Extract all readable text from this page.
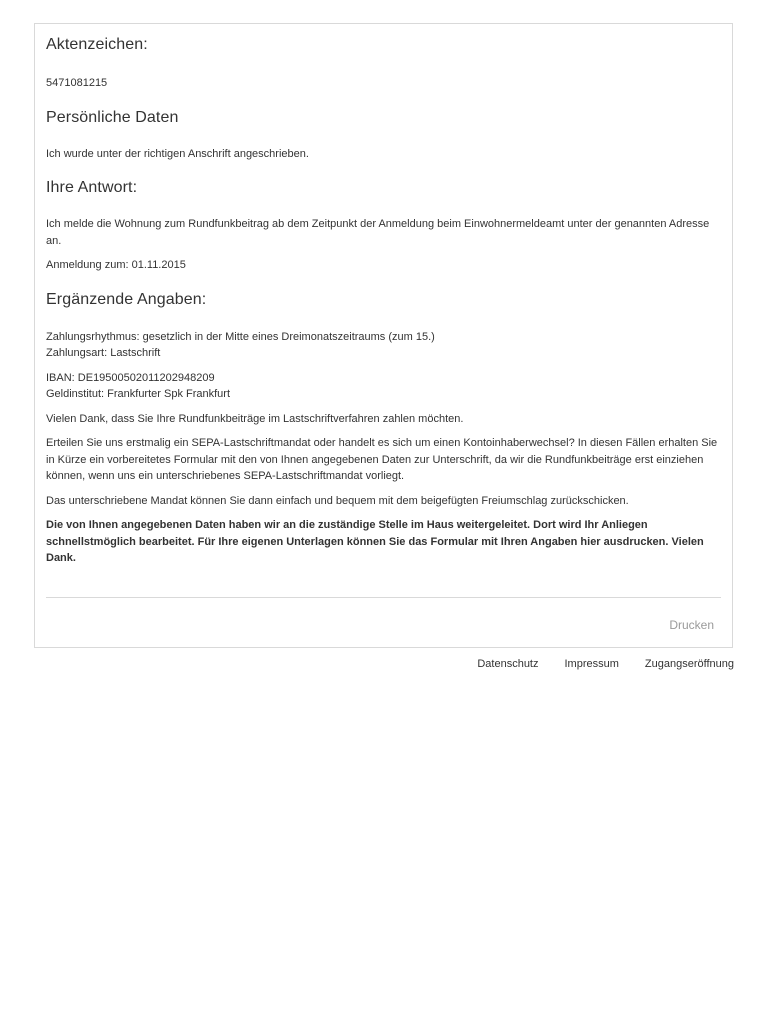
Aktenzeichen:

5471081215

Persönliche Daten

Ich wurde unter der richtigen Anschrift angeschrieben.

Ihre Antwort:

Ich melde die Wohnung zum Rundfunkbeitrag ab dem Zeitpunkt der Anmeldung beim Einwohnermeldeamt unter der genannten Adresse an.

Anmeldung zum: 01.11.2015

Ergänzende Angaben:

Zahlungsrhythmus: gesetzlich in der Mitte eines Dreimonatszeitraums (zum 15.)

Zahlungsart: Lastschrift

IBAN: DE19500502011202948209

Geldinstitut: Frankfurter Spk Frankfurt

Vielen Dank, dass Sie Ihre Rundfunkbeiträge im Lastschriftverfahren zahlen möchten.

Erteilen Sie uns erstmalig ein SEPA-Lastschriftmandat oder handelt es sich um einen Kontoinhaberwechsel? In diesen Fällen erhalten Sie in Kürze ein vorbereitetes Formular mit den von Ihnen angegebenen Daten zur Unterschrift, da wir die Rundfunkbeiträge erst einziehen können, wenn uns ein unterschriebenes SEPA-Lastschriftmandat vorliegt.

Das unterschriebene Mandat können Sie dann einfach und bequem mit dem beigefügten Freiumschlag zurückschicken.

Die von Ihnen angegebenen Daten haben wir an die zuständige Stelle im Haus weitergeleitet. Dort wird Ihr Anliegen schnellstmöglich bearbeitet. Für Ihre eigenen Unterlagen können Sie das Formular mit Ihren Angaben hier ausdrucken. Vielen Dank.

Drucken
Datenschutz Impressum Zugangseröffnung
